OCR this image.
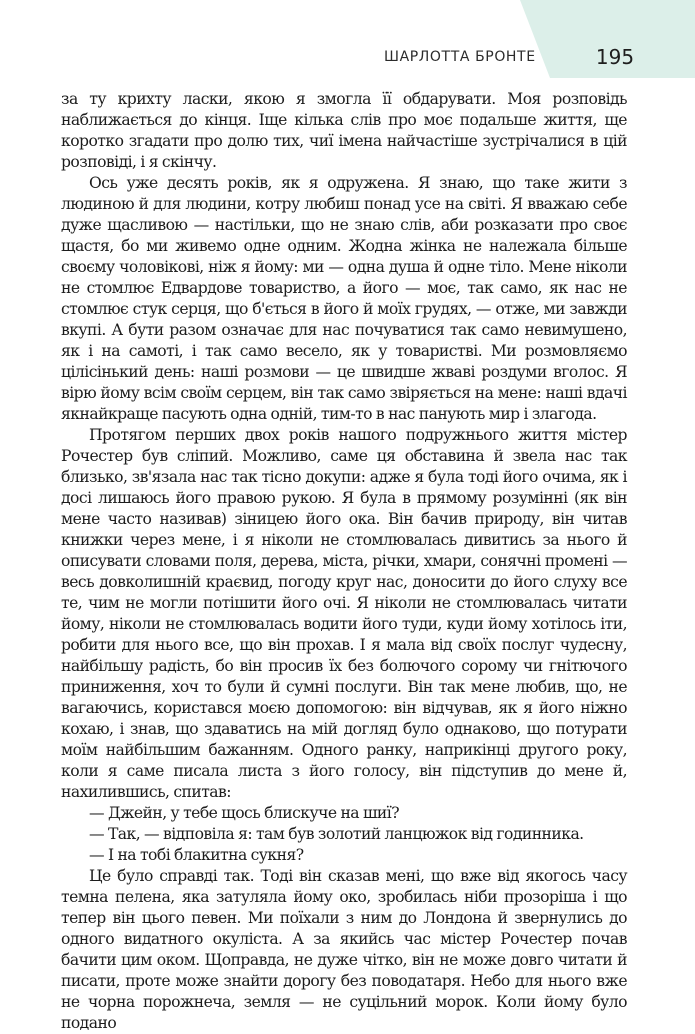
ШАРЛОТТА БРОНТЕ	195

за ту крихту ласки, якою я змогла її обдарувати. Моя розповідь наближається до кінця. Іще кілька слів про моє подальше життя, ще коротко згадати про долю тих, чиї імена найчастіше зустрічалися в цій розповіді, і я скінчу.

Ось уже десять років, як я одружена. Я знаю, що таке жити з людиною й для людини, котру любиш понад усе на світі. Я вважаю себе дуже щасливою — настільки, що не знаю слів, аби розказати про своє щастя, бо ми живемо одне одним. Жодна жінка не належала більше своєму чоловікові, ніж я йому: ми — одна душа й одне тіло. Мене ніколи не стомлює Едвардове товариство, а його — моє, так само, як нас не стомлює стук серця, що б'ється в його й моїх грудях, — отже, ми завжди вкупі. А бути разом означає для нас почуватися так само невимушено, як і на самоті, і так само весело, як у товаристві. Ми розмовляємо цілісінький день: наші розмови — це швидше жваві роздуми вголос. Я вірю йому всім своїм серцем, він так само звіряється на мене: наші вдачі якнайкраще пасують одна одній, тим-то в нас панують мир і злагода.

Протягом перших двох років нашого подружнього життя містер Рочестер був сліпий. Можливо, саме ця обставина й звела нас так близько, зв'язала нас так тісно докупи: адже я була тоді його очима, як і досі лишаюсь його правою рукою. Я була в прямому розумінні (як він мене часто називав) зіницею його ока. Він бачив природу, він читав книжки через мене, і я ніколи не стомлювалась дивитись за нього й описувати словами поля, дерева, міста, річки, хмари, сонячні промені — весь довколишній краєвид, погоду круг нас, доносити до його слуху все те, чим не могли потішити його очі. Я ніколи не стомлювалась читати йому, ніколи не стомлювалась водити його туди, куди йому хотілось іти, робити для нього все, що він прохав. І я мала від своїх послуг чудесну, найбільшу радість, бо він просив їх без болючого сорому чи гнітючого приниження, хоч то були й сумні послуги. Він так мене любив, що, не вагаючись, користався моєю допомогою: він відчував, як я його ніжно кохаю, і знав, що здаватись на мій догляд було однаково, що потурати моїм найбільшим бажанням. Одного ранку, наприкінці другого року, коли я саме писала листа з його голосу, він підступив до мене й, нахилившись, спитав:

— Джейн, у тебе щось блискуче на шиї?

— Так, — відповіла я: там був золотий ланцюжок від годинника.

— І на тобі блакитна сукня?

Це було справді так. Тоді він сказав мені, що вже від якогось часу темна пелена, яка затуляла йому око, зробилась ніби прозоріша і що тепер він цього певен. Ми поїхали з ним до Лондона й звернулись до одного видатного окуліста. А за якийсь час містер Рочестер почав бачити цим оком. Щоправда, не дуже чітко, він не може довго читати й писати, проте може знайти дорогу без поводатаря. Небо для нього вже не чорна порожнеча, земля — не суцільний морок. Коли йому було подано
